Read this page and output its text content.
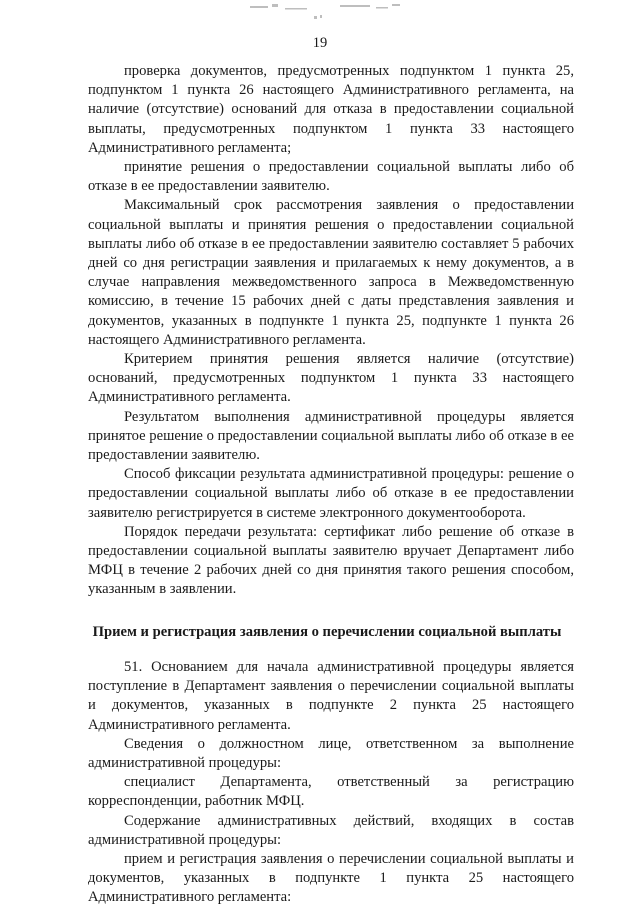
19

проверка документов, предусмотренных подпунктом 1 пункта 25, подпунктом 1 пункта 26 настоящего Административного регламента, на наличие (отсутствие) оснований для отказа в предоставлении социальной выплаты, предусмотренных подпунктом 1 пункта 33 настоящего Административного регламента;

принятие решения о предоставлении социальной выплаты либо об отказе в ее предоставлении заявителю.

Максимальный срок рассмотрения заявления о предоставлении социальной выплаты и принятия решения о предоставлении социальной выплаты либо об отказе в ее предоставлении заявителю составляет 5 рабочих дней со дня регистрации заявления и прилагаемых к нему документов, а в случае направления межведомственного запроса в Межведомственную комиссию, в течение 15 рабочих дней с даты представления заявления и документов, указанных в подпункте 1 пункта 25, подпункте 1 пункта 26 настоящего Административного регламента.

Критерием принятия решения является наличие (отсутствие) оснований, предусмотренных подпунктом 1 пункта 33 настоящего Административного регламента.

Результатом выполнения административной процедуры является принятое решение о предоставлении социальной выплаты либо об отказе в ее предоставлении заявителю.

Способ фиксации результата административной процедуры: решение о предоставлении социальной выплаты либо об отказе в ее предоставлении заявителю регистрируется в системе электронного документооборота.

Порядок передачи результата: сертификат либо решение об отказе в предоставлении социальной выплаты заявителю вручает Департамент либо МФЦ в течение 2 рабочих дней со дня принятия такого решения способом, указанным в заявлении.

Прием и регистрация заявления о перечислении социальной выплаты

51. Основанием для начала административной процедуры является поступление в Департамент заявления о перечислении социальной выплаты и документов, указанных в подпункте 2 пункта 25 настоящего Административного регламента.

Сведения о должностном лице, ответственном за выполнение административной процедуры:

специалист Департамента, ответственный за регистрацию корреспонденции, работник МФЦ.

Содержание административных действий, входящих в состав административной процедуры:

прием и регистрация заявления о перечислении социальной выплаты и документов, указанных в подпункте 1 пункта 25 настоящего Административного регламента:
